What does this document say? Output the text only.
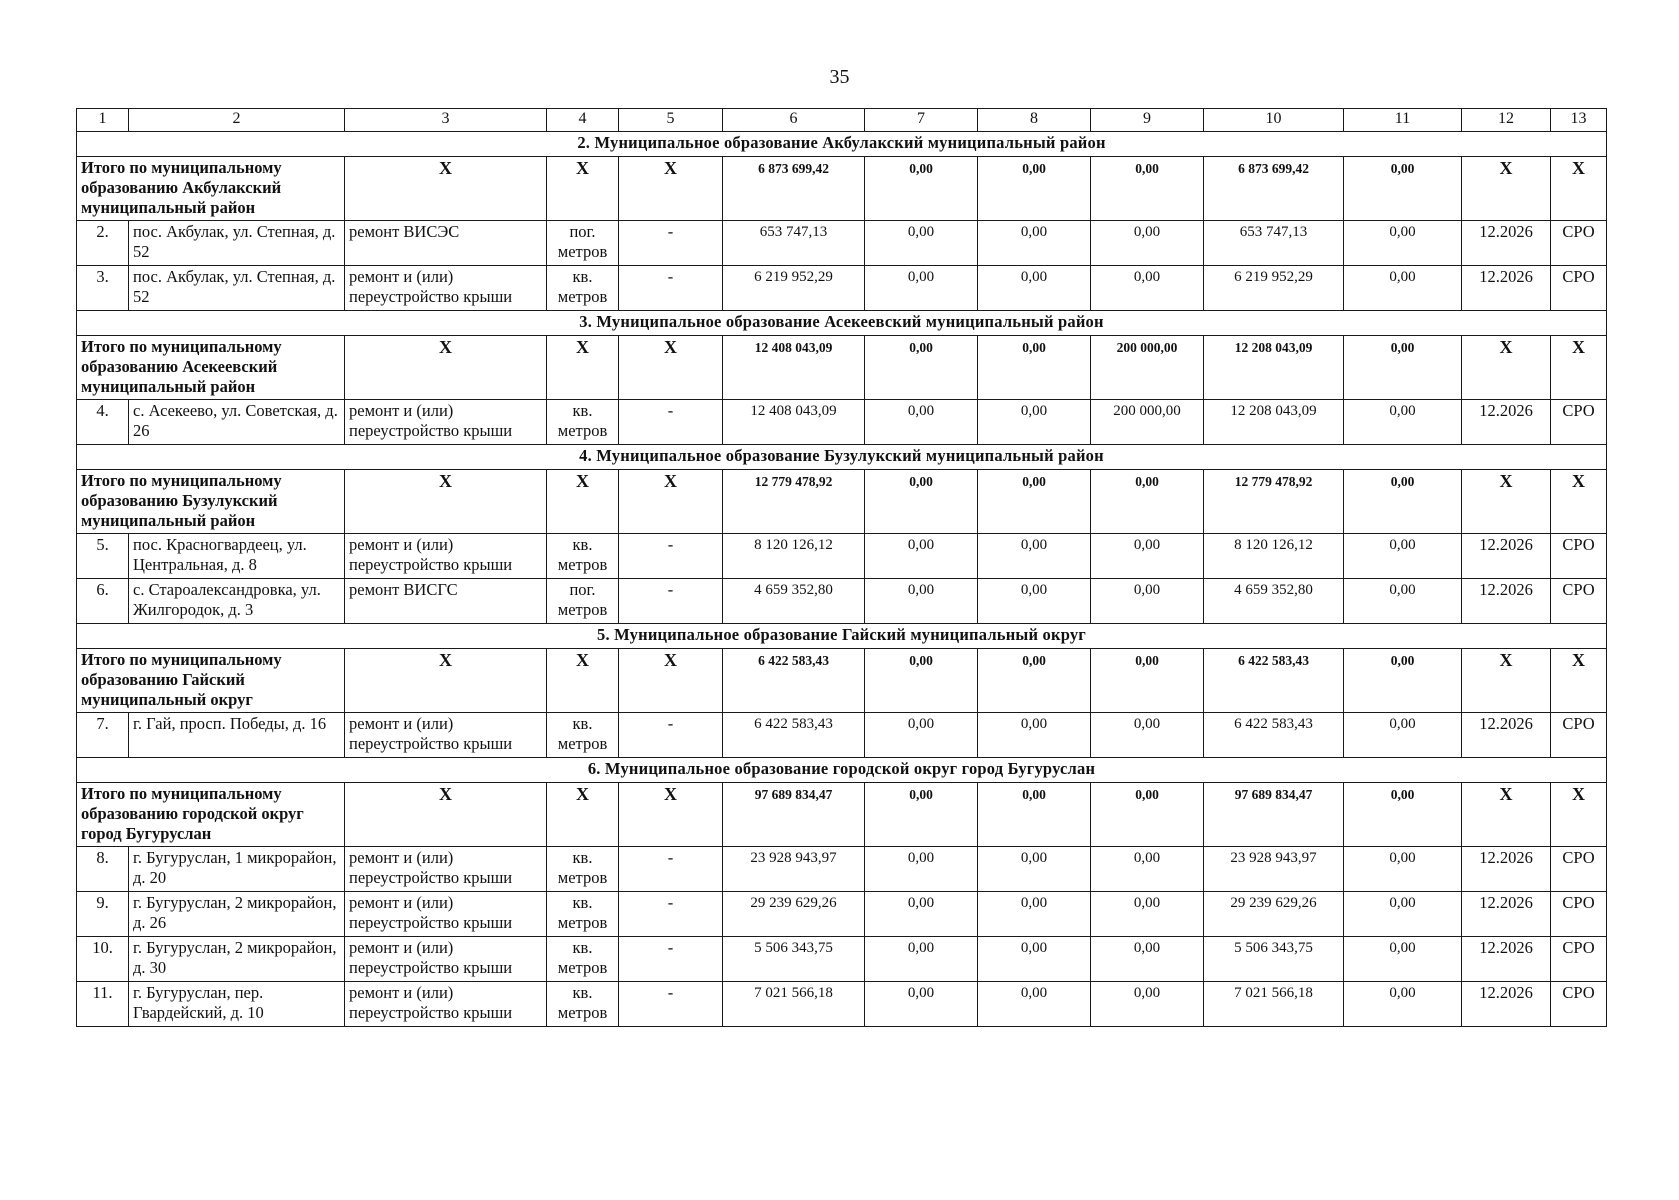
35
1	2	3	4	5	6	7	8	9	10	11	12	13
2. Муниципальное образование Акбулакский муниципальный район												
Итого по муниципальному образованию Акбулакский муниципальный район		X	X	X	6 873 699,42	0,00	0,00	0,00	6 873 699,42	0,00	X	X
2.	пос. Акбулак, ул. Степная, д. 52	ремонт ВИСЭС	пог. метров	-	653 747,13	0,00	0,00	0,00	653 747,13	0,00	12.2026	СРО
3.	пос. Акбулак, ул. Степная, д. 52	ремонт и (или) переустройство крыши	кв. метров	-	6 219 952,29	0,00	0,00	0,00	6 219 952,29	0,00	12.2026	СРО
3. Муниципальное образование Асекеевский муниципальный район												
Итого по муниципальному образованию Асекеевский муниципальный район		X	X	X	12 408 043,09	0,00	0,00	200 000,00	12 208 043,09	0,00	X	X
4.	с. Асекеево, ул. Советская, д. 26	ремонт и (или) переустройство крыши	кв. метров	-	12 408 043,09	0,00	0,00	200 000,00	12 208 043,09	0,00	12.2026	СРО
4. Муниципальное образование Бузулукский муниципальный район												
Итого по муниципальному образованию Бузулукский муниципальный район		X	X	X	12 779 478,92	0,00	0,00	0,00	12 779 478,92	0,00	X	X
5.	пос. Красногвардеец, ул. Центральная, д. 8	ремонт и (или) переустройство крыши	кв. метров	-	8 120 126,12	0,00	0,00	0,00	8 120 126,12	0,00	12.2026	СРО
6.	с. Староалександровка, ул. Жилгородок, д. 3	ремонт ВИСГС	пог. метров	-	4 659 352,80	0,00	0,00	0,00	4 659 352,80	0,00	12.2026	СРО
5. Муниципальное образование Гайский муниципальный округ												
Итого по муниципальному образованию Гайский муниципальный округ		X	X	X	6 422 583,43	0,00	0,00	0,00	6 422 583,43	0,00	X	X
7.	г. Гай, просп. Победы, д. 16	ремонт и (или) переустройство крыши	кв. метров	-	6 422 583,43	0,00	0,00	0,00	6 422 583,43	0,00	12.2026	СРО
6. Муниципальное образование городской округ город Бугуруслан												
Итого по муниципальному образованию городской округ город Бугуруслан		X	X	X	97 689 834,47	0,00	0,00	0,00	97 689 834,47	0,00	X	X
8.	г. Бугуруслан, 1 микрорайон, д. 20	ремонт и (или) переустройство крыши	кв. метров	-	23 928 943,97	0,00	0,00	0,00	23 928 943,97	0,00	12.2026	СРО
9.	г. Бугуруслан, 2 микрорайон, д. 26	ремонт и (или) переустройство крыши	кв. метров	-	29 239 629,26	0,00	0,00	0,00	29 239 629,26	0,00	12.2026	СРО
10.	г. Бугуруслан, 2 микрорайон, д. 30	ремонт и (или) переустройство крыши	кв. метров	-	5 506 343,75	0,00	0,00	0,00	5 506 343,75	0,00	12.2026	СРО
11.	г. Бугуруслан, пер. Гвардейский, д. 10	ремонт и (или) переустройство крыши	кв. метров	-	7 021 566,18	0,00	0,00	0,00	7 021 566,18	0,00	12.2026	СРО
